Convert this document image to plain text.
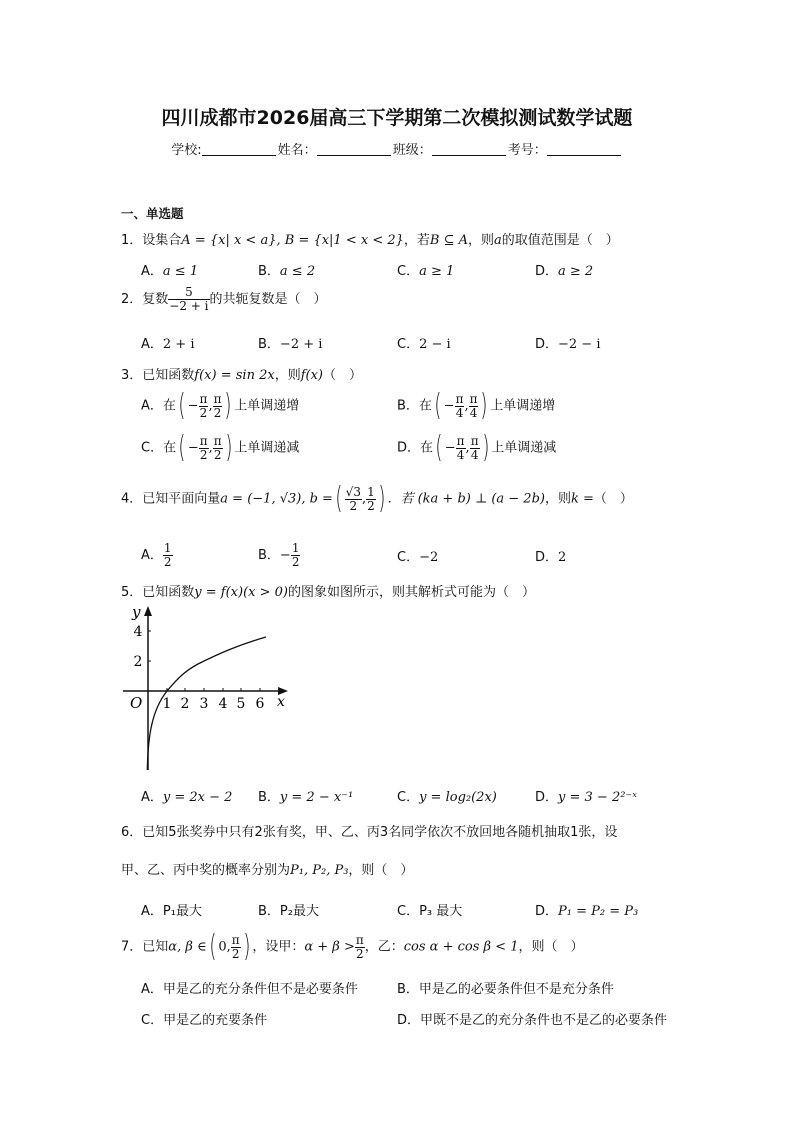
四川成都市2026届高三下学期第二次模拟测试数学试题
学校:	姓名：	班级：	考号：
一、单选题
1．设集合A = {x| x < a}, B = {x|1 < x < 2}，若B ⊆ A，则a的取值范围是（　）
A．a ≤ 1	B．a ≤ 2	C．a ≥ 1	D．a ≥ 2
2．复数 $\frac{5}{-2 + i}$ 的共轭复数是（　）
A．2 + i	B．−2 + i	C．2 − i	D．−2 − i
3．已知函数f(x) = sin 2x，则f(x)（　）
A．在( − $\frac{\pi}{2}$ , $\frac{\pi}{2}$ ) 上单调递增	B．在( − $\frac{\pi}{4}$ , $\frac{\pi}{4}$ ) 上单调递增
C．在( − $\frac{\pi}{2}$ , $\frac{\pi}{2}$ ) 上单调递减	D．在( − $\frac{\pi}{4}$ , $\frac{\pi}{4}$ ) 上单调递减
4．已知平面向量a = (−1, √3), b =( $\frac{√3}{2}$ , $\frac{1}{2}$ ) ．若 (ka + b) ⊥ (a − 2b)，则k =（　）
A． $\frac{1}{2}$	B．− $\frac{1}{2}$	C．−2	D．2
5．已知函数y = f(x)(x > 0)的图象如图所示，则其解析式可能为（　）
y
x
O 1 2 3 4 5 6
2
4
A．y = 2x − 2 B．y = 2 − x⁻¹	C．y = log₂(2x)	D．y = 3 − 2²⁻ˣ
6．已知5张奖券中只有2张有奖，甲、乙、丙3名同学依次不放回地各随机抽取1张，设
甲、乙、丙中奖的概率分别为P₁, P₂, P₃，则（　）
A．P₁最大	B．P₂最大	C．P₃ 最大	D．P₁ = P₂ = P₃
7．已知α, β ∈( 0, $\frac{\pi}{2}$ ) ，设甲：$\alpha + \beta > \frac{\pi}{2}$ ，乙：cos α + cos β < 1，则（　）
A．甲是乙的充分条件但不是必要条件	B．甲是乙的必要条件但不是充分条件
C．甲是乙的充要条件	D．甲既不是乙的充分条件也不是乙的必要条件
